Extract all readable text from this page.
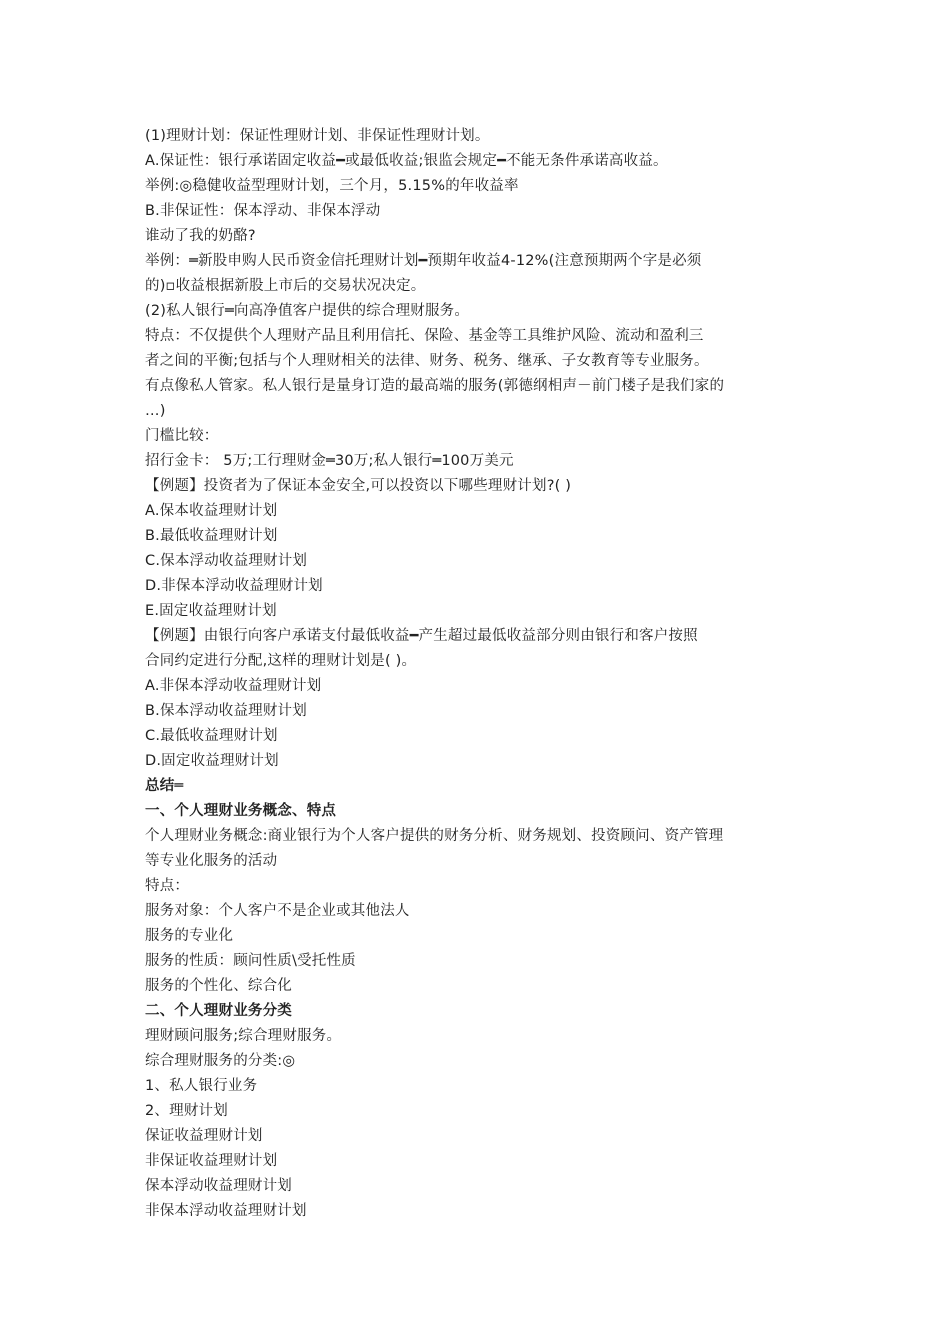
(1)理财计划：保证性理财计划、非保证性理财计划。
A.保证性：银行承诺固定收益━或最低收益;银监会规定━不能无条件承诺高收益。
举例:◎稳健收益型理财计划，三个月，5.15%的年收益率
B.非保证性：保本浮动、非保本浮动
谁动了我的奶酪?
举例：═新股申购人民币资金信托理财计划━预期年收益4-12%(注意预期两个字是必须
的)▫收益根据新股上市后的交易状况决定。
(2)私人银行═向高净值客户提供的综合理财服务。
特点：不仅提供个人理财产品且利用信托、保险、基金等工具维护风险、流动和盈利三
者之间的平衡;包括与个人理财相关的法律、财务、税务、继承、子女教育等专业服务。
有点像私人管家。私人银行是量身订造的最高端的服务(郭德纲相声－前门楼子是我们家的
…)
门槛比较：
招行金卡： 5万;工行理财金═30万;私人银行═100万美元
【例题】投资者为了保证本金安全,可以投资以下哪些理财计划?( )
A.保本收益理财计划
B.最低收益理财计划
C.保本浮动收益理财计划
D.非保本浮动收益理财计划
E.固定收益理财计划
【例题】由银行向客户承诺支付最低收益━产生超过最低收益部分则由银行和客户按照
合同约定进行分配,这样的理财计划是( )。
A.非保本浮动收益理财计划
B.保本浮动收益理财计划
C.最低收益理财计划
D.固定收益理财计划
总结═
一、个人理财业务概念、特点
个人理财业务概念:商业银行为个人客户提供的财务分析、财务规划、投资顾问、资产管理
等专业化服务的活动
特点：
服务对象：个人客户不是企业或其他法人
服务的专业化
服务的性质：顾问性质\受托性质
服务的个性化、综合化
二、个人理财业务分类
理财顾问服务;综合理财服务。
综合理财服务的分类:◎
1、私人银行业务
2、理财计划
保证收益理财计划
非保证收益理财计划
保本浮动收益理财计划
非保本浮动收益理财计划
